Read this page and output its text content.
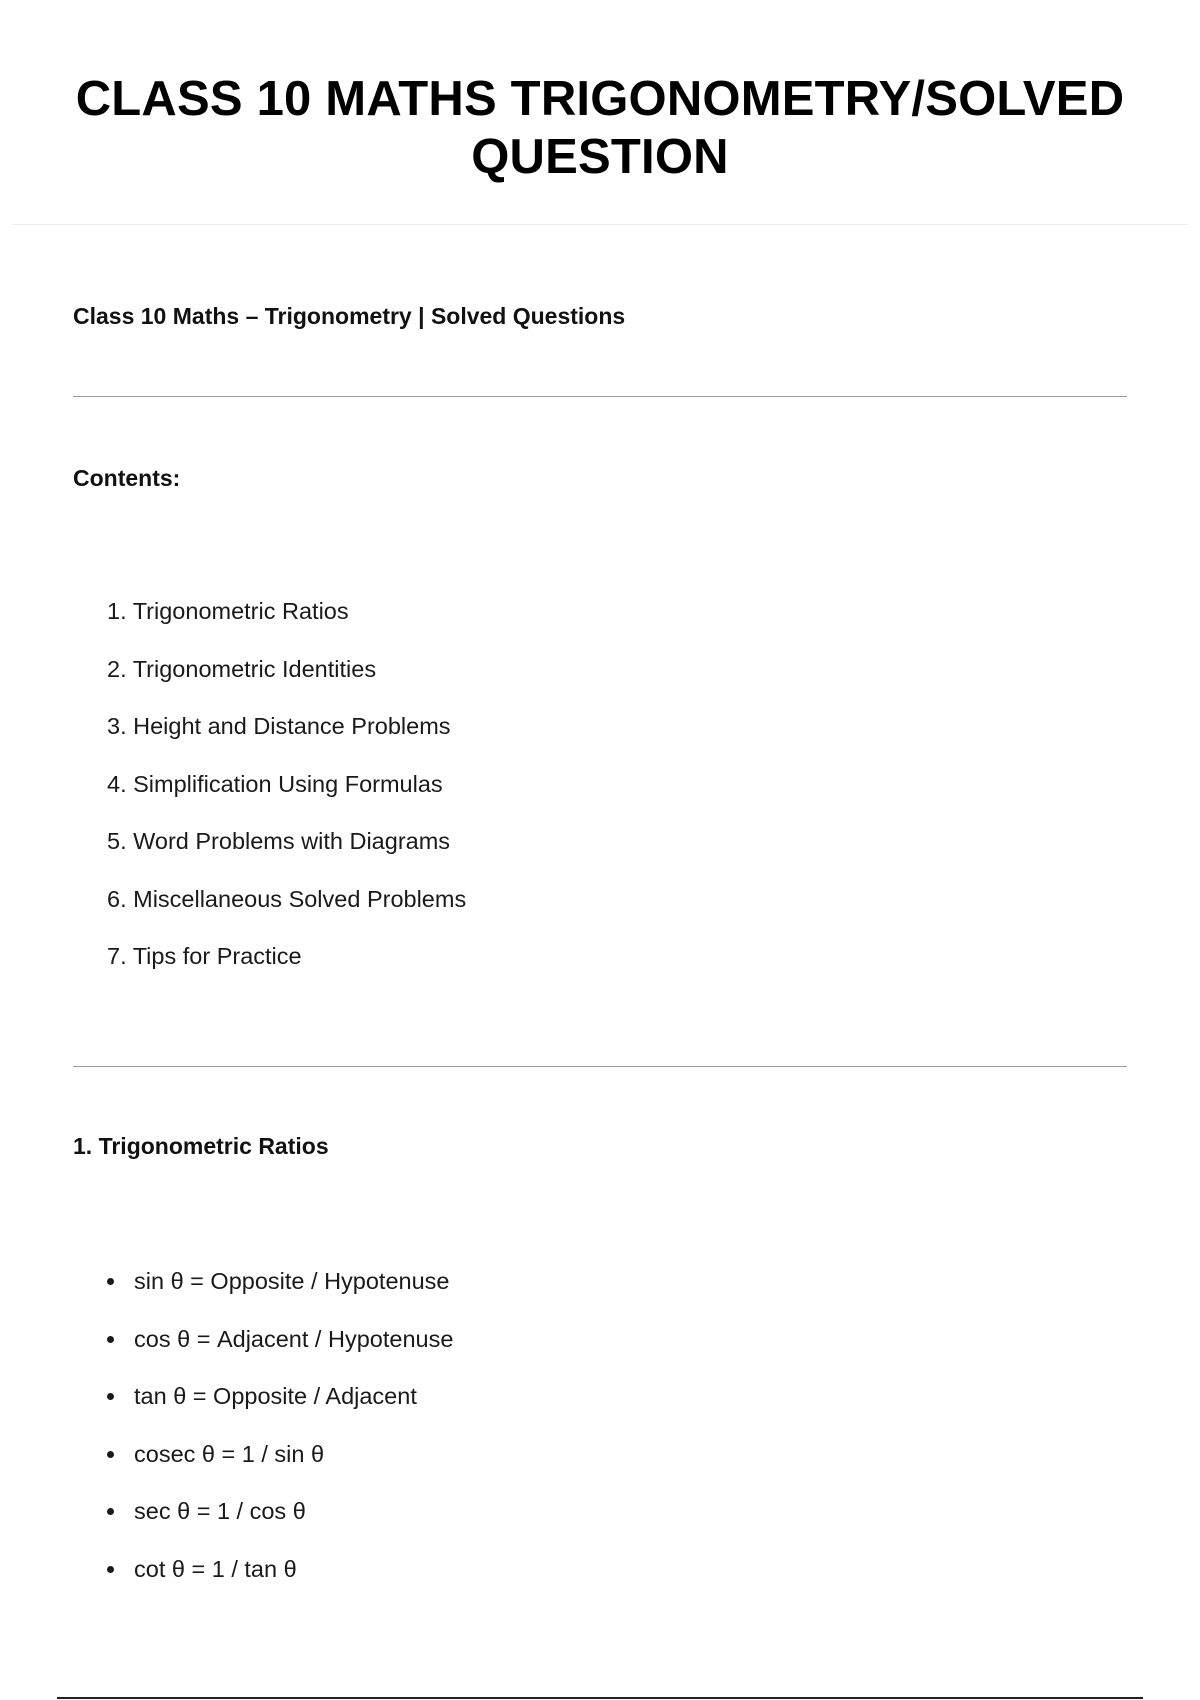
CLASS 10 MATHS TRIGONOMETRY/SOLVED QUESTION

Class 10 Maths – Trigonometry | Solved Questions

Contents:

1. Trigonometric Ratios
2. Trigonometric Identities
3. Height and Distance Problems
4. Simplification Using Formulas
5. Word Problems with Diagrams
6. Miscellaneous Solved Problems
7. Tips for Practice

1. Trigonometric Ratios

sin θ = Opposite / Hypotenuse
cos θ = Adjacent / Hypotenuse
tan θ = Opposite / Adjacent
cosec θ = 1 / sin θ
sec θ = 1 / cos θ
cot θ = 1 / tan θ
